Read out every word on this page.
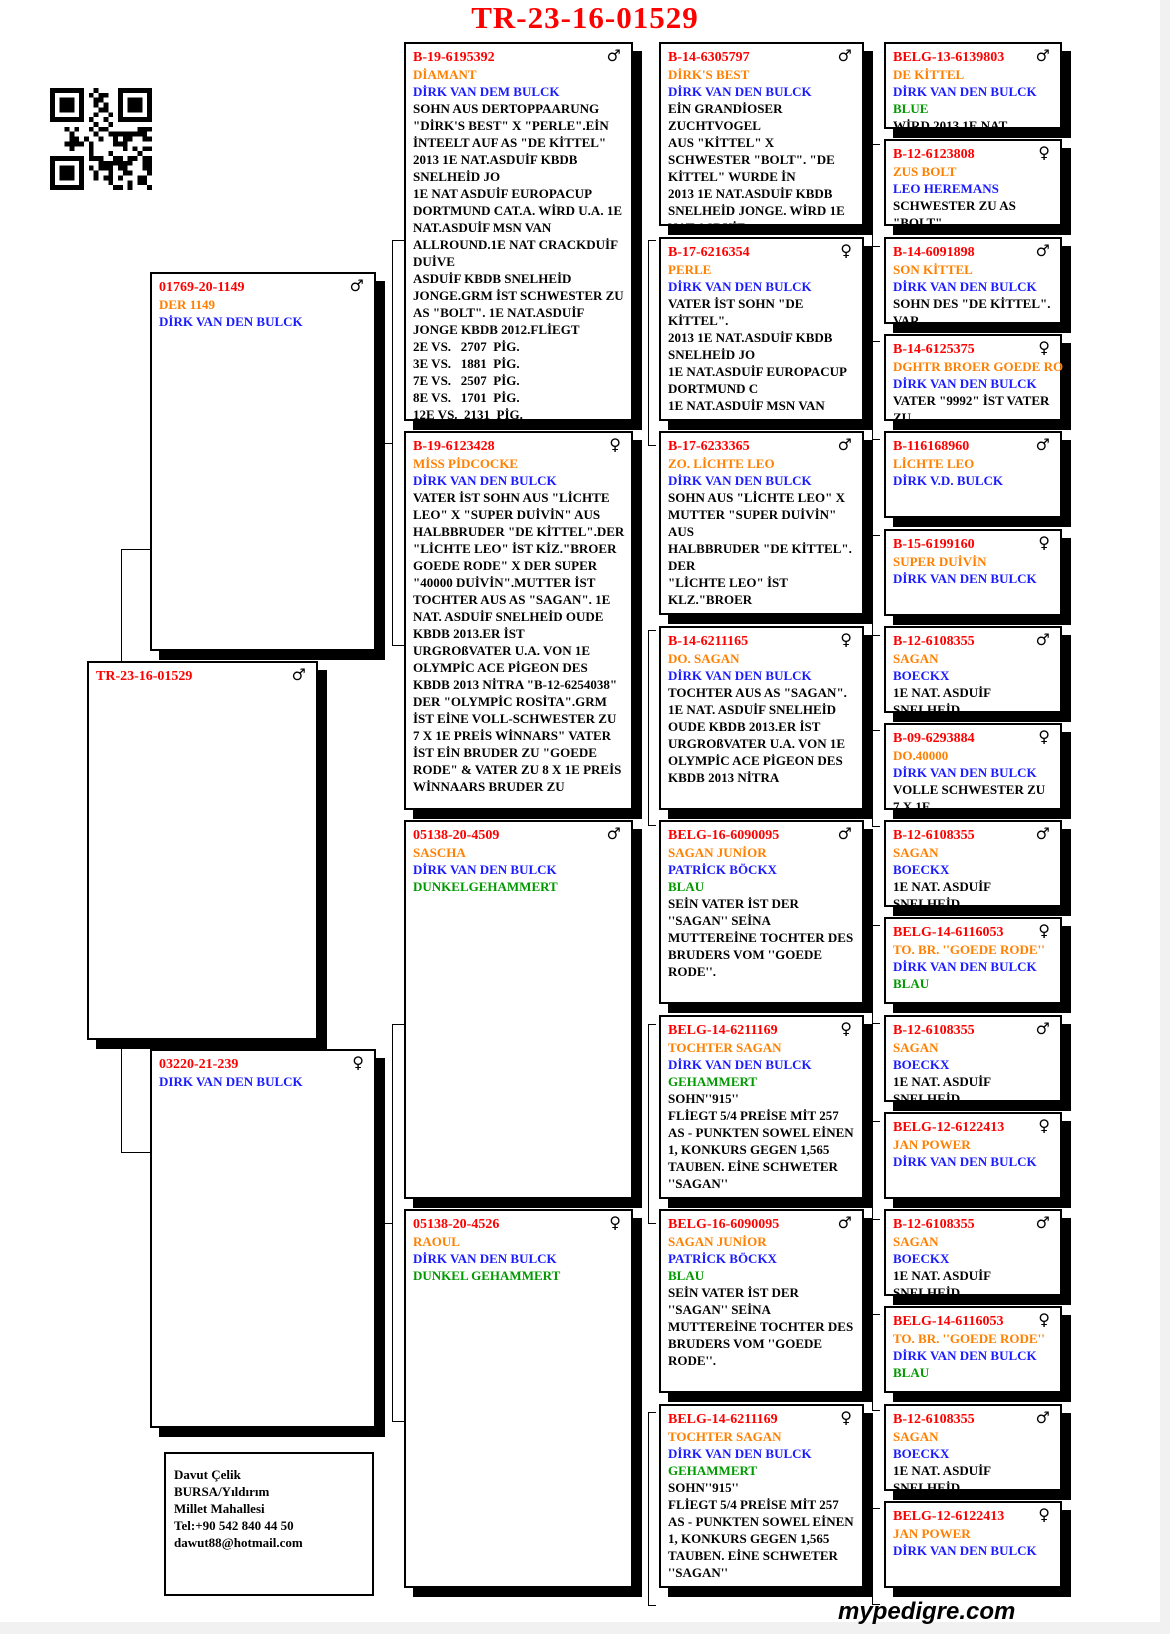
TR-23-16-01529
♂
TR-23-16-01529
♂
01769-20-1149
DER 1149
DİRK VAN DEN BULCK
♀
03220-21-239
DIRK VAN DEN BULCK
♂
B-19-6195392
DİAMANT
DİRK VAN DEM BULCK
SOHN AUS DERTOPPAARUNG "DİRK'S BEST" X "PERLE".EİN İNTEELT AUF AS "DE KİTTEL" 2013 1E NAT.ASDUİF KBDB SNELHEİD JO
1E NAT ASDUİF EUROPACUP DORTMUND CAT.A. WİRD U.A. 1E NAT.ASDUİF MSN VAN ALLROUND.1E NAT CRACKDUİF DUİVE
ASDUİF KBDB SNELHEİD JONGE.GRM İST SCHWESTER ZU AS "BOLT". 1E NAT.ASDUİF JONGE KBDB 2012.FLİEGT
2E VS.   2707  PİG.
3E VS.   1881  PİG.
7E VS.   2507  PİG.
8E VS.   1701  PİG.
12E VS.  2131  PİG.
♀
B-19-6123428
MİSS PİDCOCKE
DİRK VAN DEN BULCK
VATER İST SOHN AUS "LİCHTE LEO" X "SUPER DUİVİN" AUS HALBBRUDER "DE KİTTEL".DER "LİCHTE LEO" İST KİZ."BROER GOEDE RODE" X DER SUPER "40000 DUİVİN".MUTTER İST TOCHTER AUS AS "SAGAN". 1E NAT. ASDUİF SNELHEİD OUDE KBDB 2013.ER İST URGROßVATER U.A. VON 1E OLYMPİC ACE PİGEON DES KBDB 2013 NİTRA "B-12-6254038" DER "OLYMPİC ROSİTA".GRM İST EİNE VOLL-SCHWESTER ZU 7 X 1E PREİS WİNNARS" VATER İST EİN BRUDER ZU "GOEDE RODE" & VATER ZU 8 X 1E PREİS WİNNAARS BRUDER ZU
♂
05138-20-4509
SASCHA
DİRK VAN DEN BULCK
DUNKELGEHAMMERT
♀
05138-20-4526
RAOUL
DİRK VAN DEN BULCK
DUNKEL GEHAMMERT
♂
B-14-6305797
DİRK'S BEST
DİRK VAN DEN BULCK
EİN GRANDİOSER ZUCHTVOGEL
AUS "KİTTEL" X SCHWESTER "BOLT". "DE KİTTEL" WURDE İN
2013 1E NAT.ASDUİF KBDB SNELHEİD JONGE. WİRD 1E NAT.ASDUİF
♀
B-17-6216354
PERLE
DİRK VAN DEN BULCK
VATER İST SOHN "DE KİTTEL".
2013 1E NAT.ASDUİF KBDB SNELHEİD JO
1E NAT.ASDUİF EUROPACUP DORTMUND C
1E NAT.ASDUİF MSN VAN
♂
B-17-6233365
ZO. LİCHTE LEO
DİRK VAN DEN BULCK
SOHN AUS "LİCHTE LEO" X MUTTER "SUPER DUİVİN" AUS
HALBBRUDER "DE KİTTEL". DER
"LİCHTE LEO" İST KLZ."BROER
♀
B-14-6211165
DO. SAGAN
DİRK VAN DEN BULCK
TOCHTER AUS AS "SAGAN". 1E NAT. ASDUİF SNELHEİD OUDE KBDB 2013.ER İST URGROßVATER U.A. VON 1E OLYMPİC ACE PİGEON DES KBDB 2013 NİTRA
♂
BELG-16-6090095
SAGAN JUNİOR
PATRİCK BÖCKX
BLAU
SEİN VATER İST DER ''SAGAN'' SEİNA MUTTEREİNE TOCHTER DES BRUDERS VOM ''GOEDE RODE''.
♀
BELG-14-6211169
TOCHTER SAGAN
DİRK VAN DEN BULCK
GEHAMMERT
SOHN''915''
FLİEGT 5/4 PREİSE MİT 257 AS - PUNKTEN SOWEL EİNEN 1, KONKURS GEGEN 1,565 TAUBEN. EİNE SCHWETER ''SAGAN''
♂
BELG-16-6090095
SAGAN JUNİOR
PATRİCK BÖCKX
BLAU
SEİN VATER İST DER ''SAGAN'' SEİNA MUTTEREİNE TOCHTER DES BRUDERS VOM ''GOEDE RODE''.
♀
BELG-14-6211169
TOCHTER SAGAN
DİRK VAN DEN BULCK
GEHAMMERT
SOHN''915''
FLİEGT 5/4 PREİSE MİT 257 AS - PUNKTEN SOWEL EİNEN 1, KONKURS GEGEN 1,565 TAUBEN. EİNE SCHWETER ''SAGAN''
♂
BELG-13-6139803
DE KİTTEL
DİRK VAN DEN BULCK
BLUE
WİRD 2013 1E NAT
♀
B-12-6123808
ZUS BOLT
LEO HEREMANS
SCHWESTER ZU AS "BOLT"
♂
B-14-6091898
SON KİTTEL
DİRK VAN DEN BULCK
SOHN DES "DE KİTTEL". VAR
♀
B-14-6125375
DGHTR BROER GOEDE RO
DİRK VAN DEN BULCK
VATER "9992" İST VATER ZU
♂
B-116168960
LİCHTE LEO
DİRK V.D. BULCK
♀
B-15-6199160
SUPER DUİVİN
DİRK VAN DEN BULCK
♂
B-12-6108355
SAGAN
BOECKX
1E NAT. ASDUİF SNELHEİD
♀
B-09-6293884
DO.40000
DİRK VAN DEN BULCK
VOLLE SCHWESTER ZU 7 X 1E
♂
B-12-6108355
SAGAN
BOECKX
1E NAT. ASDUİF SNELHEİD
♀
BELG-14-6116053
TO. BR. ''GOEDE RODE''
DİRK VAN DEN BULCK
BLAU
♂
B-12-6108355
SAGAN
BOECKX
1E NAT. ASDUİF SNELHEİD
♀
BELG-12-6122413
JAN POWER
DİRK VAN DEN BULCK
♂
B-12-6108355
SAGAN
BOECKX
1E NAT. ASDUİF SNELHEİD
♀
BELG-14-6116053
TO. BR. ''GOEDE RODE''
DİRK VAN DEN BULCK
BLAU
♂
B-12-6108355
SAGAN
BOECKX
1E NAT. ASDUİF SNELHEİD
♀
BELG-12-6122413
JAN POWER
DİRK VAN DEN BULCK
Davut Çelik
BURSA/Yıldırım
Millet Mahallesi
Tel:+90 542 840 44 50
dawut88@hotmail.com
mypedigre.com
